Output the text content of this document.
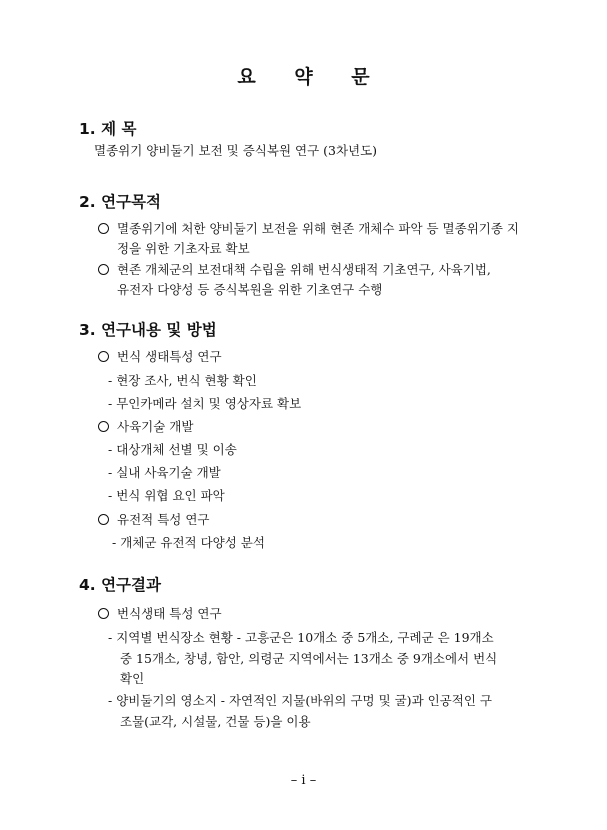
요 약 문
1. 제 목
멸종위기 양비둘기 보전 및 증식복원 연구 (3차년도)
2. 연구목적
멸종위기에 처한 양비둘기 보전을 위해 현존 개체수 파악 등 멸종위기종 지
정을 위한 기초자료 확보
현존 개체군의 보전대책 수립을 위해 번식생태적 기초연구, 사육기법,
유전자 다양성 등 증식복원을 위한 기초연구 수행
3. 연구내용 및 방법
번식 생태특성 연구
- 현장 조사, 번식 현황 확인
- 무인카메라 설치 및 영상자료 확보
사육기술 개발
- 대상개체 선별 및 이송
- 실내 사육기술 개발
- 번식 위협 요인 파악
유전적 특성 연구
- 개체군 유전적 다양성 분석
4. 연구결과
번식생태 특성 연구
- 지역별 번식장소 현황 - 고흥군은 10개소 중 5개소, 구례군 은 19개소
중 15개소, 창녕, 함안, 의령군 지역에서는 13개소 중 9개소에서 번식
확인
- 양비둘기의 영소지 - 자연적인 지물(바위의 구멍 및 굴)과 인공적인 구
조물(교각, 시설물, 건물 등)을 이용
– i –
